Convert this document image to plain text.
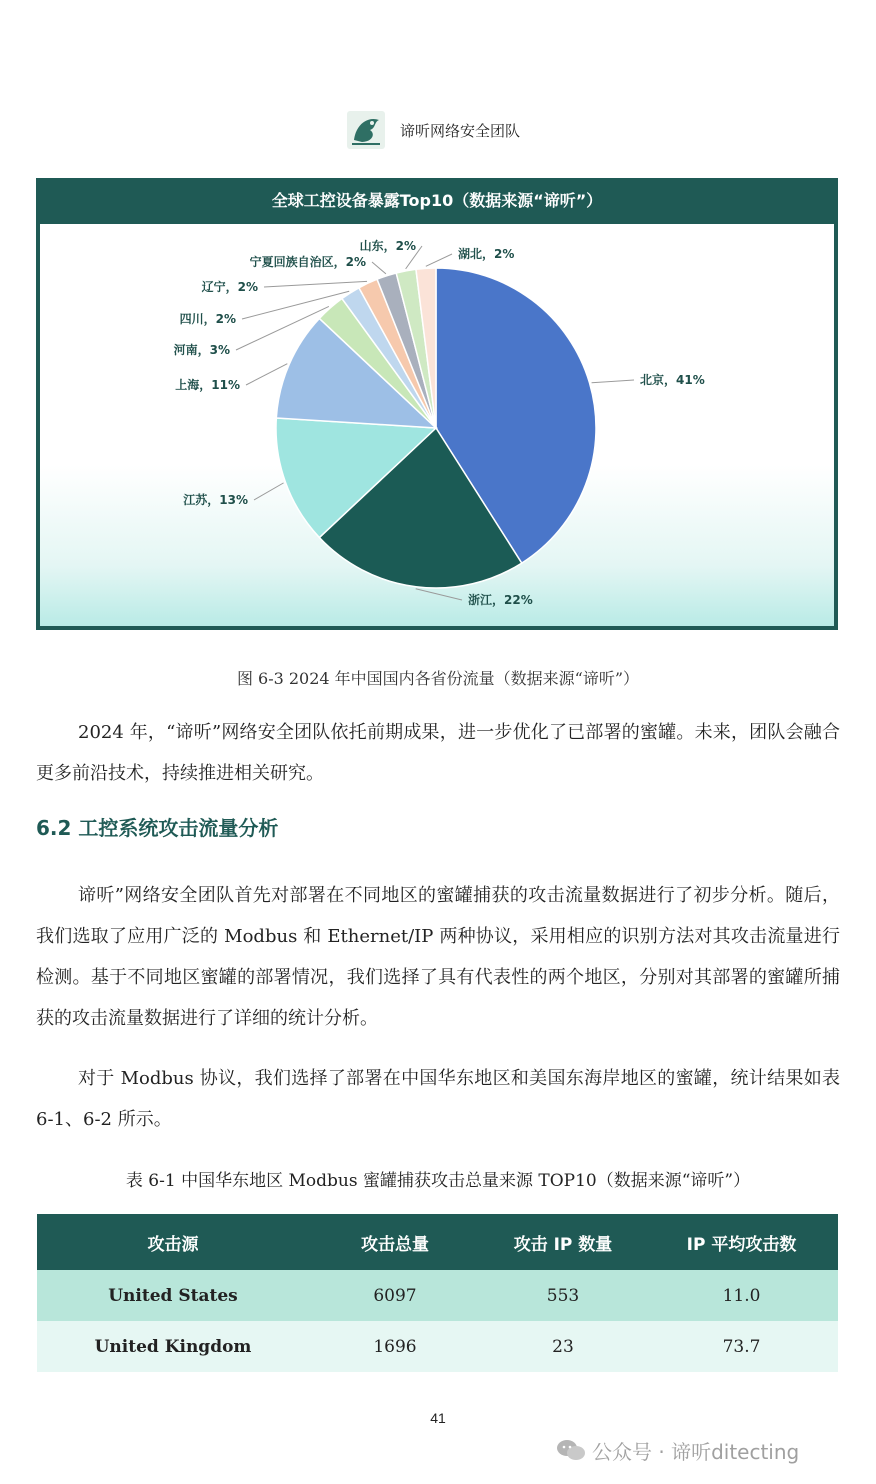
谛听网络安全团队
全球工控设备暴露Top10（数据来源“谛听”）
北京，41%
浙江，22%
江苏，13%
上海，11%
河南，3%
四川，2%
辽宁，2%
宁夏回族自治区，2%
山东，2%
湖北，2%
图 6-3 2024 年中国国内各省份流量（数据来源“谛听”）

2024 年，“谛听”网络安全团队依托前期成果，进一步优化了已部署的蜜罐。未来，团队会融合更多前沿技术，持续推进相关研究。

6.2 工控系统攻击流量分析

谛听”网络安全团队首先对部署在不同地区的蜜罐捕获的攻击流量数据进行了初步分析。随后，我们选取了应用广泛的 Modbus 和 Ethernet/IP 两种协议，采用相应的识别方法对其攻击流量进行检测。基于不同地区蜜罐的部署情况，我们选择了具有代表性的两个地区，分别对其部署的蜜罐所捕获的攻击流量数据进行了详细的统计分析。

对于 Modbus 协议，我们选择了部署在中国华东地区和美国东海岸地区的蜜罐，统计结果如表 6-1、6-2 所示。

表 6-1 中国华东地区 Modbus 蜜罐捕获攻击总量来源 TOP10（数据来源“谛听”）
攻击源	攻击总量	攻击 IP 数量	IP 平均攻击数
United States	6097	553	11.0
United Kingdom	1696	23	73.7
41
公众号 · 谛听ditecting
